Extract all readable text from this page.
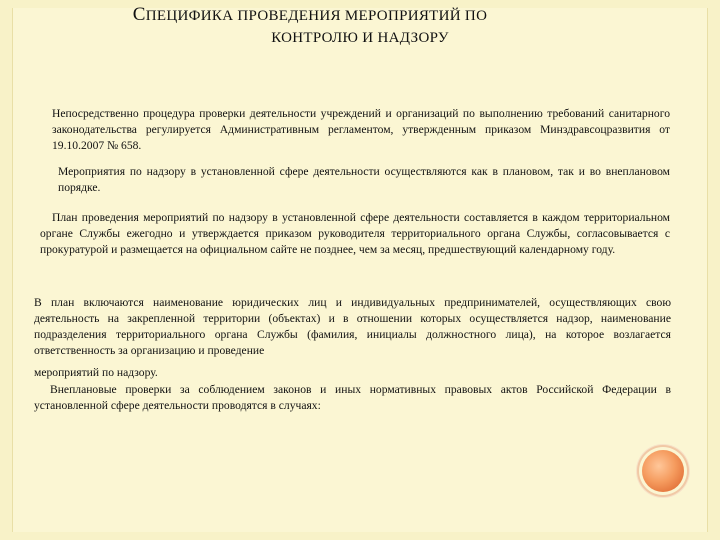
СПЕЦИФИКА ПРОВЕДЕНИЯ МЕРОПРИЯТИЙ ПО
КОНТРОЛЮ И НАДЗОРУ

Непосредственно процедура проверки деятельности учреждений и организаций по выполнению требований санитарного законодательства регулируется Административным регламентом, утвержденным приказом Минздравсоцразвития от 19.10.2007 № 658.

Мероприятия по надзору в установленной сфере деятельности осуществляются как в плановом, так и во внеплановом порядке.

План проведения мероприятий по надзору в установленной сфере деятельности составляется в каждом территориальном органе Службы ежегодно и утверждается приказом руководителя территориального органа Службы, согласовывается с прокуратурой и размещается на официальном сайте не позднее, чем за месяц, предшествующий календарному году.

В план включаются наименование юридических лиц и индивидуальных предпринимателей, осуществляющих свою деятельность на закрепленной территории (объектах) и в отношении которых осуществляется надзор, наименование подразделения территориального органа Службы (фамилия, инициалы должностного лица), на которое возлагается ответственность за организацию и проведение

мероприятий по надзору.

Внеплановые проверки за соблюдением законов и иных нормативных правовых актов Российской Федерации в установленной сфере деятельности проводятся в случаях:
